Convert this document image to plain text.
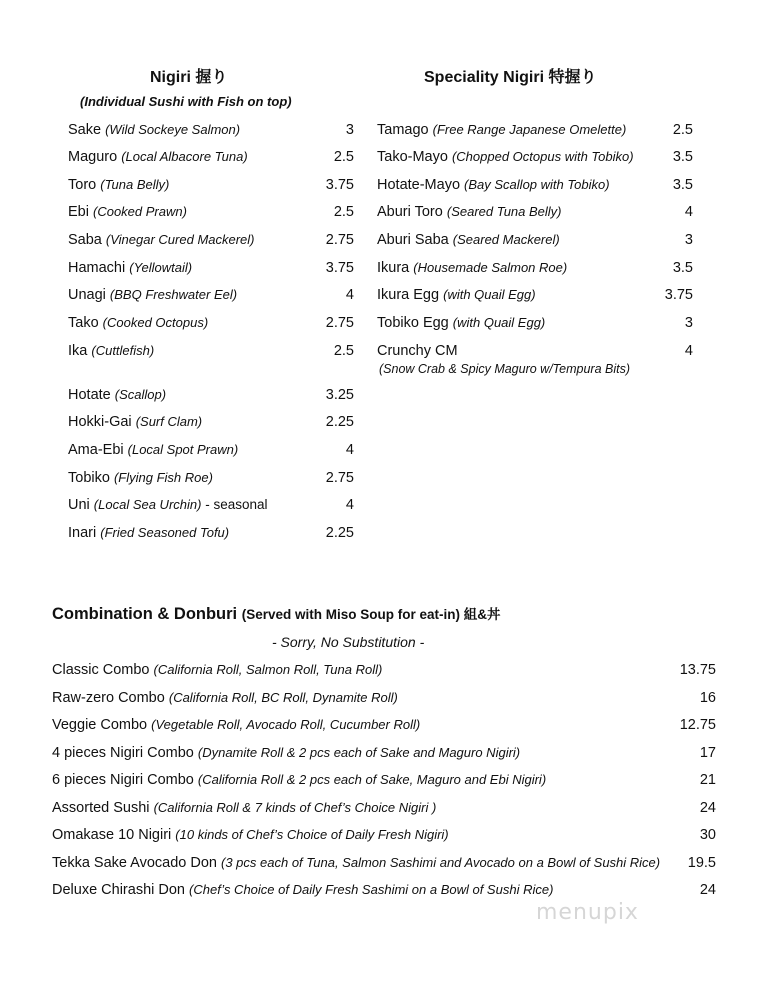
Nigiri 握り
(Individual Sushi with Fish on top)
Sake (Wild Sockeye Salmon)	3
Maguro (Local Albacore Tuna)	2.5
Toro (Tuna Belly)	3.75
Ebi (Cooked Prawn)	2.5
Saba (Vinegar Cured Mackerel)	2.75
Hamachi (Yellowtail)	3.75
Unagi (BBQ Freshwater Eel)	4
Tako (Cooked Octopus)	2.75
Ika (Cuttlefish)	2.5
Hotate (Scallop)	3.25
Hokki-Gai (Surf Clam)	2.25
Ama-Ebi (Local Spot Prawn)	4
Tobiko (Flying Fish Roe)	2.75
Uni (Local Sea Urchin) - seasonal	4
Inari (Fried Seasoned Tofu)	2.25
Speciality Nigiri 特握り
Tamago (Free Range Japanese Omelette)	2.5
Tako-Mayo (Chopped Octopus with Tobiko)	3.5
Hotate-Mayo (Bay Scallop with Tobiko)	3.5
Aburi Toro (Seared Tuna Belly)	4
Aburi Saba (Seared Mackerel)	3
Ikura (Housemade Salmon Roe)	3.5
Ikura Egg (with Quail Egg)	3.75
Tobiko Egg (with Quail Egg)	3
Crunchy CM	4
(Snow Crab & Spicy Maguro w/Tempura Bits)
Combination & Donburi (Served with Miso Soup for eat-in) 組&丼
- Sorry, No Substitution -
Classic Combo (California Roll, Salmon Roll, Tuna Roll)	13.75
Raw-zero Combo (California Roll, BC Roll, Dynamite Roll)	16
Veggie Combo (Vegetable Roll, Avocado Roll, Cucumber Roll)	12.75
4 pieces Nigiri Combo (Dynamite Roll & 2 pcs each of Sake and Maguro Nigiri)	17
6 pieces Nigiri Combo (California Roll & 2 pcs each of Sake, Maguro and Ebi Nigiri)	21
Assorted Sushi (California Roll & 7 kinds of Chef’s Choice Nigiri )	24
Omakase 10 Nigiri (10 kinds of Chef’s Choice of Daily Fresh Nigiri)	30
Tekka Sake Avocado Don (3 pcs each of Tuna, Salmon Sashimi and Avocado on a Bowl of Sushi Rice)	19.5
Deluxe Chirashi Don (Chef’s Choice of Daily Fresh Sashimi on a Bowl of Sushi Rice)	24
menupix
